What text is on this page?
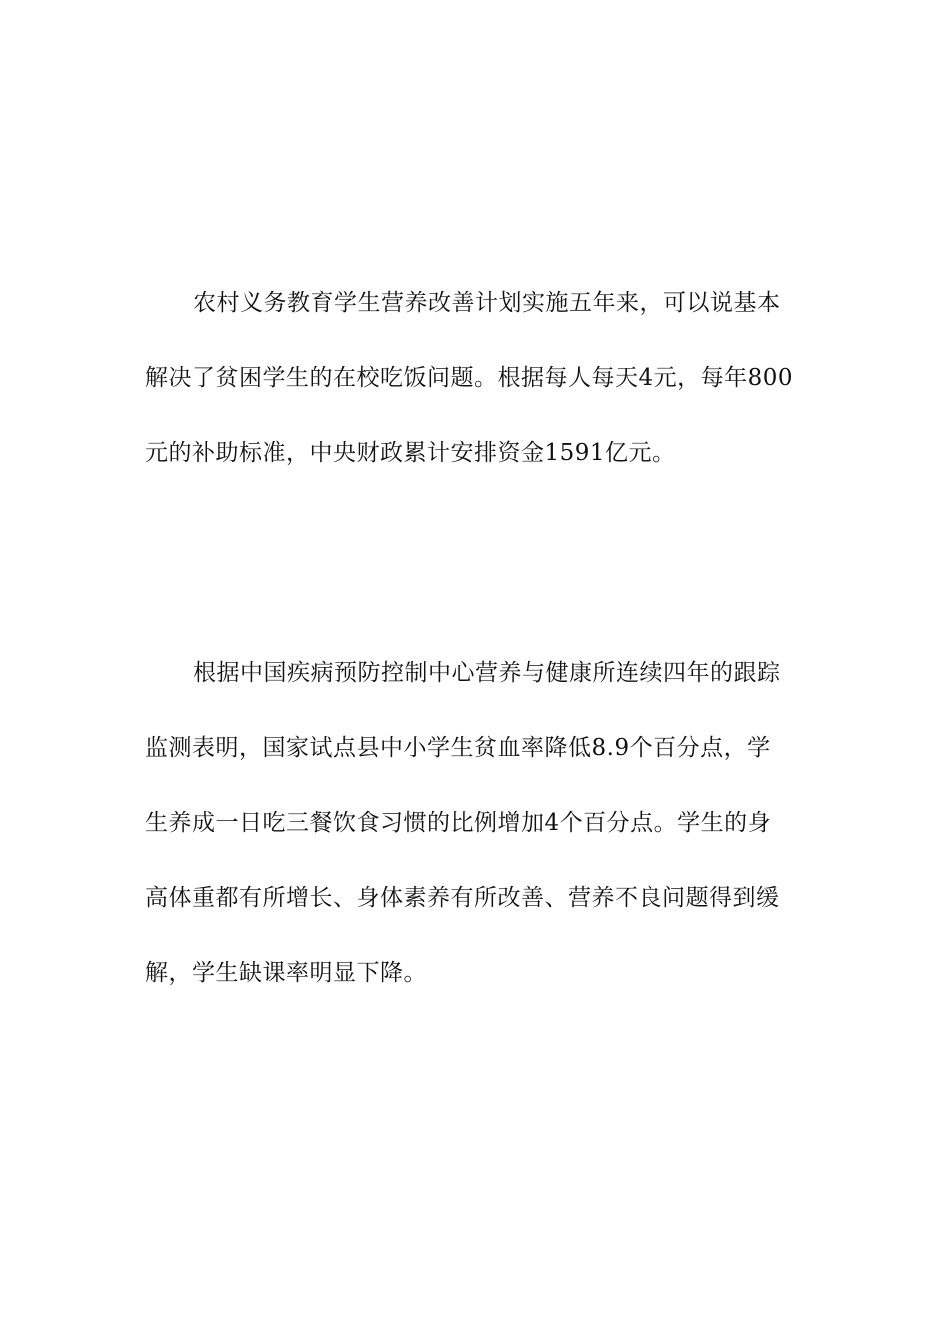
农村义务教育学生营养改善计划实施五年来，可以说基本
解决了贫困学生的在校吃饭问题。根据每人每天4元，每年800
元的补助标准，中央财政累计安排资金1591亿元。
根据中国疾病预防控制中心营养与健康所连续四年的跟踪
监测表明，国家试点县中小学生贫血率降低8.9个百分点，学
生养成一日吃三餐饮食习惯的比例增加4个百分点。学生的身
高体重都有所增长、身体素养有所改善、营养不良问题得到缓
解，学生缺课率明显下降。
